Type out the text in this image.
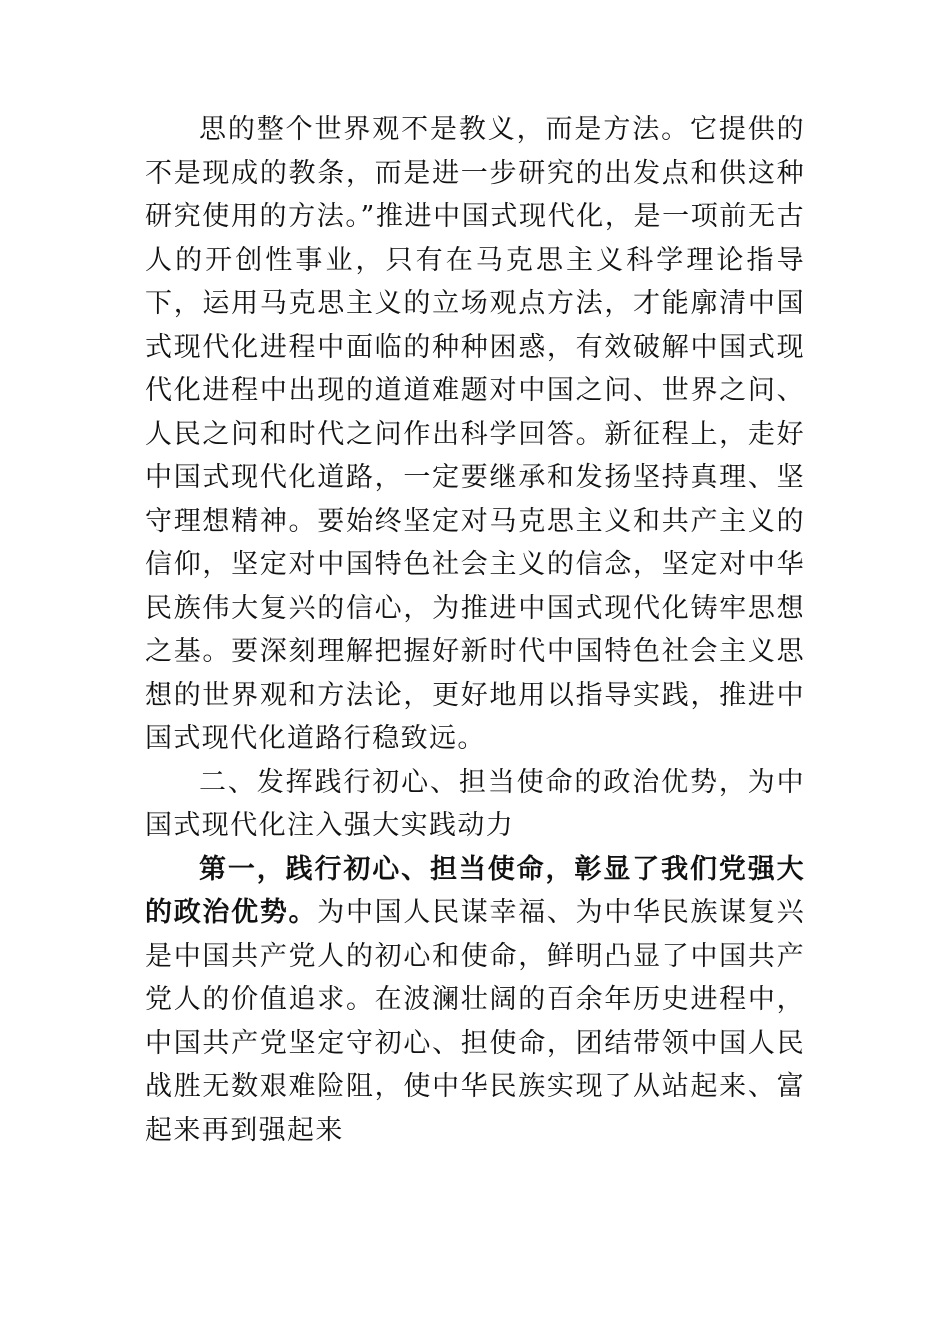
思的整个世界观不是教义，而是方法。它提供的不是现成的教条，而是进一步研究的出发点和供这种研究使用的方法。”推进中国式现代化，是一项前无古人的开创性事业，只有在马克思主义科学理论指导下，运用马克思主义的立场观点方法，才能廓清中国式现代化进程中面临的种种困惑，有效破解中国式现代化进程中出现的道道难题对中国之问、世界之问、人民之问和时代之问作出科学回答。新征程上，走好中国式现代化道路，一定要继承和发扬坚持真理、坚守理想精神。要始终坚定对马克思主义和共产主义的信仰，坚定对中国特色社会主义的信念，坚定对中华民族伟大复兴的信心，为推进中国式现代化铸牢思想之基。要深刻理解把握好新时代中国特色社会主义思想的世界观和方法论，更好地用以指导实践，推进中国式现代化道路行稳致远。

二、发挥践行初心、担当使命的政治优势，为中国式现代化注入强大实践动力

第一，践行初心、担当使命，彰显了我们党强大的政治优势。为中国人民谋幸福、为中华民族谋复兴是中国共产党人的初心和使命，鲜明凸显了中国共产党人的价值追求。在波澜壮阔的百余年历史进程中，中国共产党坚定守初心、担使命，团结带领中国人民战胜无数艰难险阻，使中华民族实现了从站起来、富起来再到强起来
